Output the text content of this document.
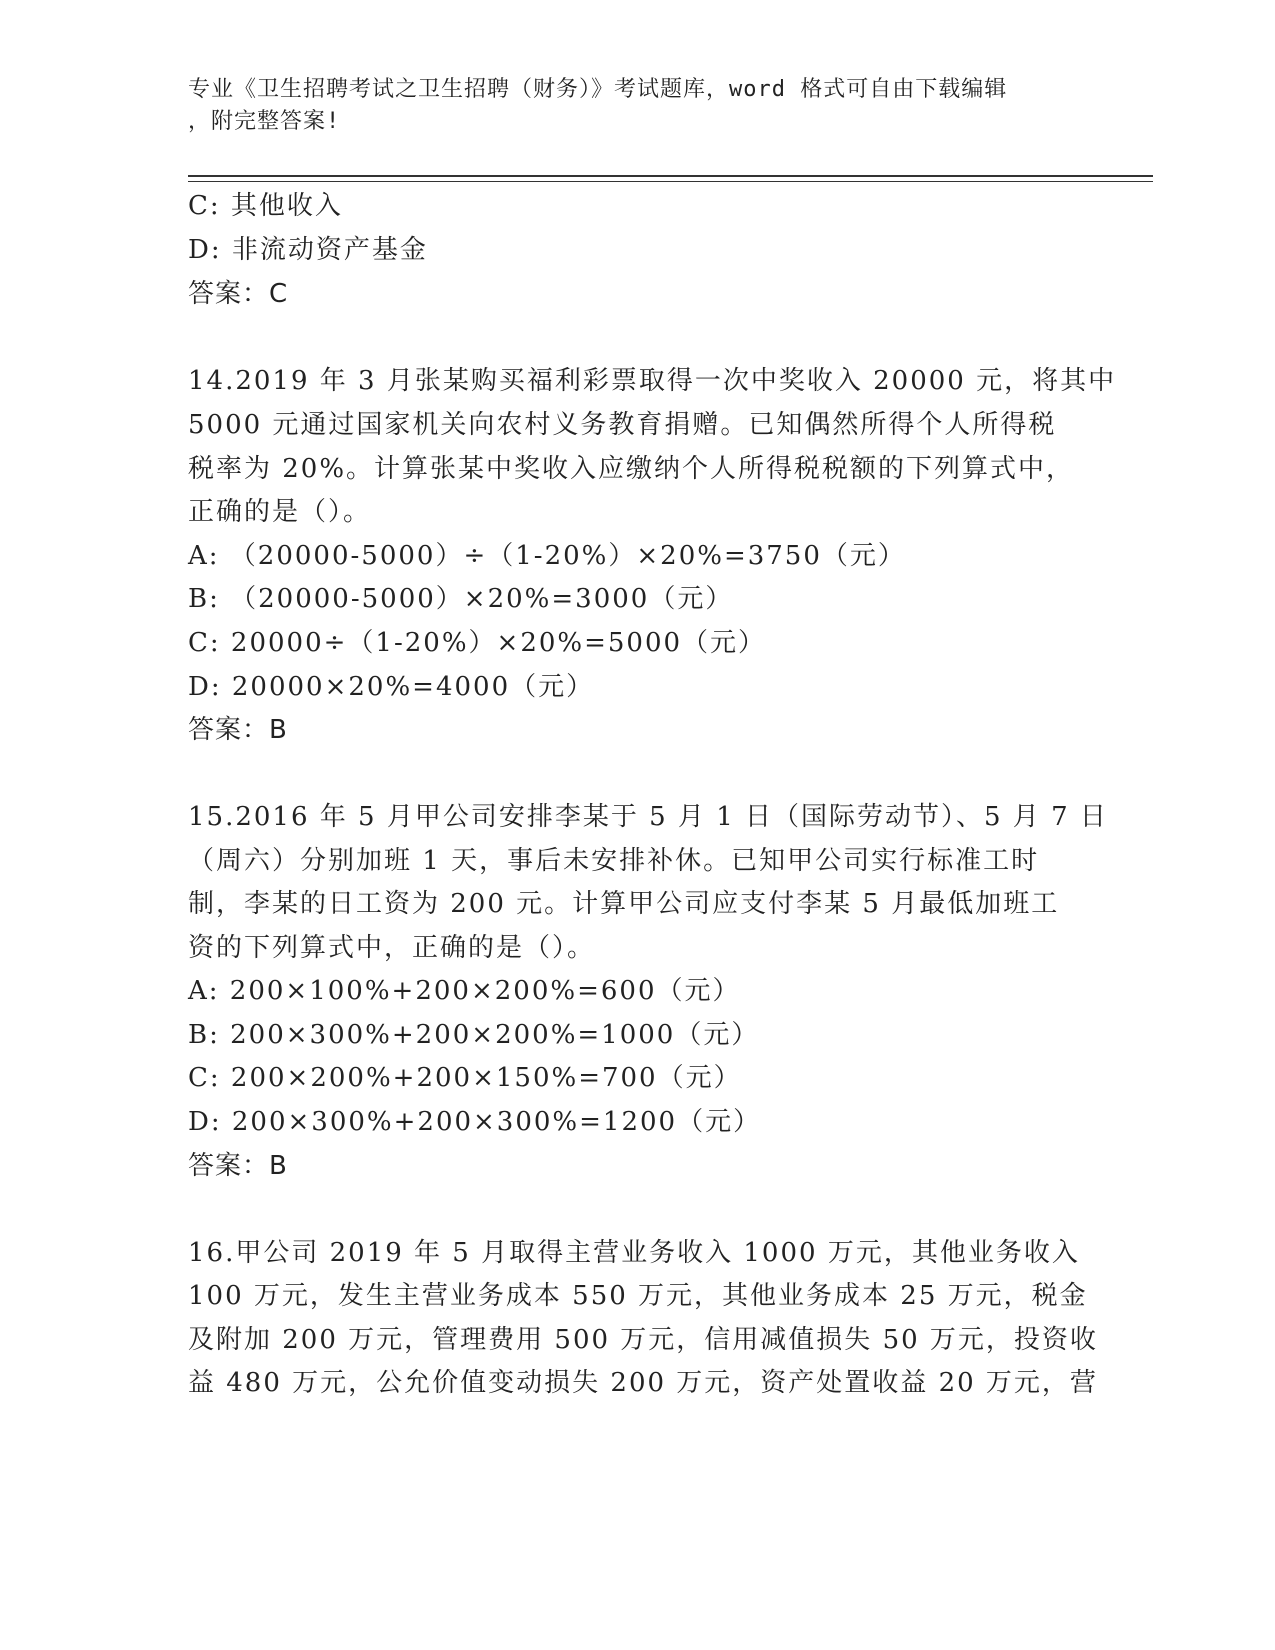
专业《卫生招聘考试之卫生招聘（财务）》考试题库，word 格式可自由下载编辑
，附完整答案!
C: 其他收入
D: 非流动资产基金
答案：C
14.2019 年 3 月张某购买福利彩票取得一次中奖收入 20000 元，将其中
5000 元通过国家机关向农村义务教育捐赠。已知偶然所得个人所得税
税率为 20%。计算张某中奖收入应缴纳个人所得税税额的下列算式中，
正确的是（）。
A: （20000-5000）÷（1-20%）×20%=3750（元）
B: （20000-5000）×20%=3000（元）
C: 20000÷（1-20%）×20%=5000（元）
D: 20000×20%=4000（元）
答案：B
15.2016 年 5 月甲公司安排李某于 5 月 1 日（国际劳动节）、5 月 7 日
（周六）分别加班 1 天，事后未安排补休。已知甲公司实行标准工时
制，李某的日工资为 200 元。计算甲公司应支付李某 5 月最低加班工
资的下列算式中，正确的是（）。
A: 200×100%+200×200%=600（元）
B: 200×300%+200×200%=1000（元）
C: 200×200%+200×150%=700（元）
D: 200×300%+200×300%=1200（元）
答案：B
16.甲公司 2019 年 5 月取得主营业务收入 1000 万元，其他业务收入
100 万元，发生主营业务成本 550 万元，其他业务成本 25 万元，税金
及附加 200 万元，管理费用 500 万元，信用减值损失 50 万元，投资收
益 480 万元，公允价值变动损失 200 万元，资产处置收益 20 万元，营
